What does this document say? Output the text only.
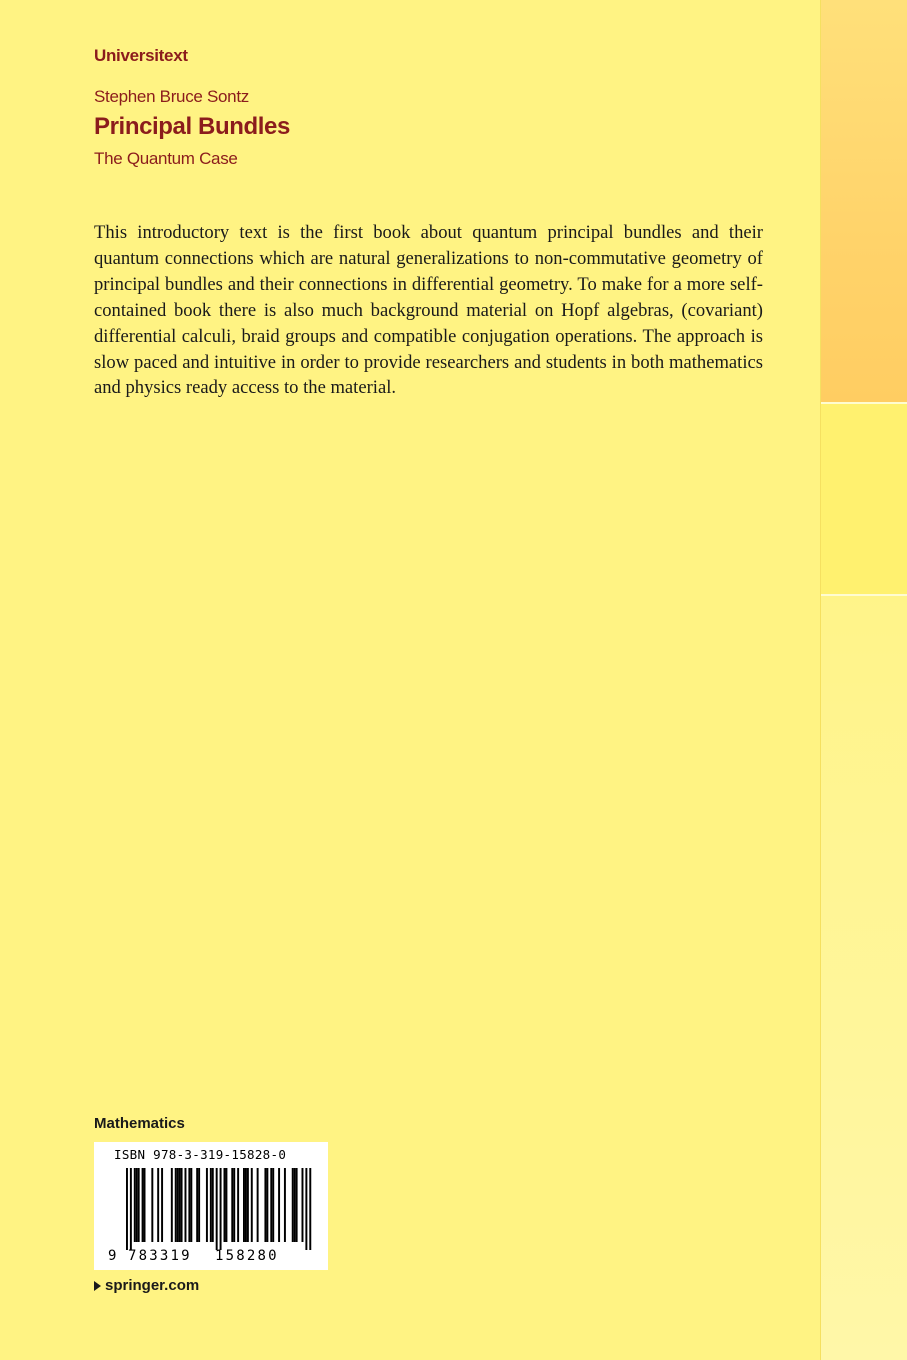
Universitext
Stephen Bruce Sontz
Principal Bundles
The Quantum Case
This introductory text is the first book about quantum principal bundles and their quantum connections which are natural generalizations to non-commutative geometry of principal bundles and their connections in differential geometry. To make for a more self-contained book there is also much background material on Hopf algebras, (covariant) differential calculi, braid groups and compatible conjugation operations. The approach is slow paced and intuitive in order to provide researchers and students in both mathematics and physics ready access to the material.
Mathematics
ISBN 978-3-319-15828-0
9 783319 158280
springer.com
